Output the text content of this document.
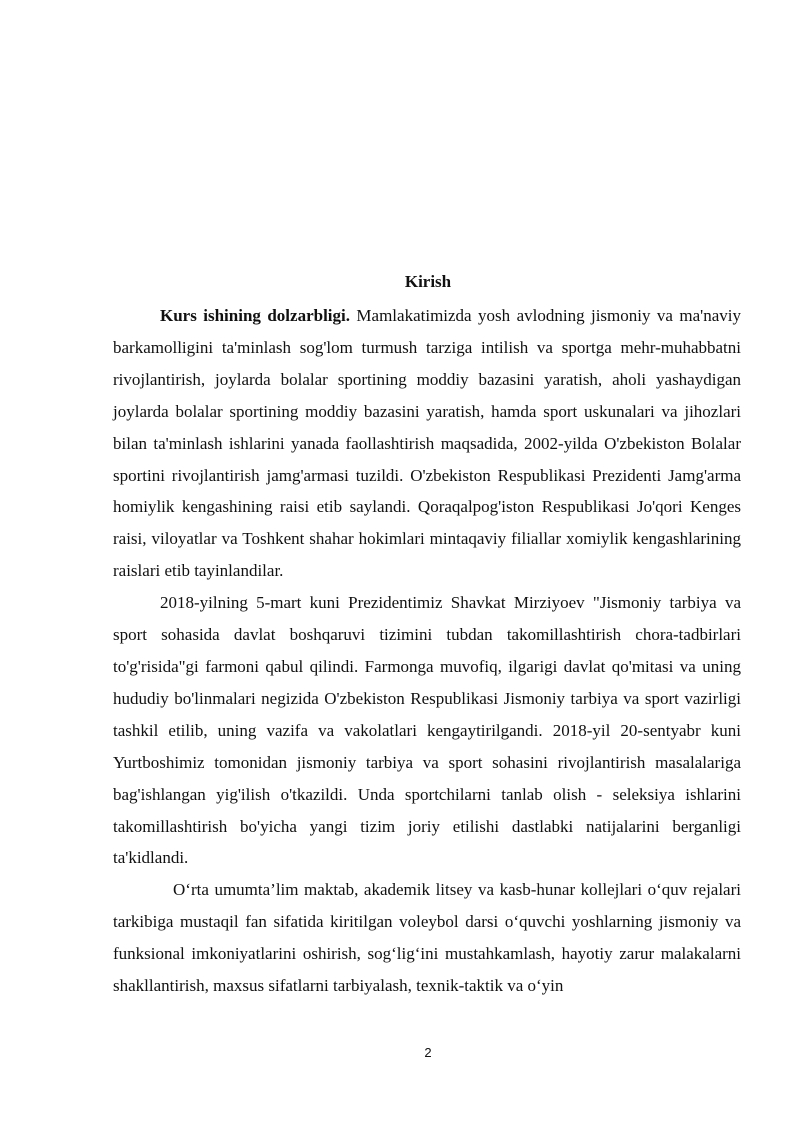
Kirish

Kurs ishining dolzarbligi. Mamlakatimizda yosh avlodning jismoniy va ma'naviy barkamolligini ta'minlash sog'lom turmush tarziga intilish va sportga mehr-muhabbatni rivojlantirish, joylarda bolalar sportining moddiy bazasini yaratish, aholi yashaydigan joylarda bolalar sportining moddiy bazasini yaratish, hamda sport uskunalari va jihozlari bilan ta'minlash ishlarini yanada faollashtirish maqsadida, 2002-yilda O'zbekiston Bolalar sportini rivojlantirish jamg'armasi tuzildi. O'zbekiston Respublikasi Prezidenti Jamg'arma homiylik kengashining raisi etib saylandi. Qoraqalpog'iston Respublikasi Jo'qori Kenges raisi, viloyatlar va Toshkent shahar hokimlari mintaqaviy filiallar xomiylik kengashlarining raislari etib tayinlandilar.

2018-yilning 5-mart kuni Prezidentimiz Shavkat Mirziyoev "Jismoniy tarbiya va sport sohasida davlat boshqaruvi tizimini tubdan takomillashtirish chora-tadbirlari to'g'risida"gi farmoni qabul qilindi. Farmonga muvofiq, ilgarigi davlat qo'mitasi va uning hududiy bo'linmalari negizida O'zbekiston Respublikasi Jismoniy tarbiya va sport vazirligi tashkil etilib, uning vazifa va vakolatlari kengaytirilgandi. 2018-yil 20-sentyabr kuni Yurtboshimiz tomonidan jismoniy tarbiya va sport sohasini rivojlantirish masalalariga bag'ishlangan yig'ilish o'tkazildi. Unda sportchilarni tanlab olish - seleksiya ishlarini takomillashtirish bo'yicha yangi tizim joriy etilishi dastlabki natijalarini berganligi ta'kidlandi.

O‘rta umumta’lim maktab, akademik litsey va kasb-hunar kollejlari o‘quv rejalari tarkibiga mustaqil fan sifatida kiritilgan voleybol darsi o‘quvchi yoshlarning jismoniy va funksional imkoniyatlarini oshirish, sog‘lig‘ini mustahkamlash, hayotiy zarur malakalarni shakllantirish, maxsus sifatlarni tarbiyalash, texnik-taktik va o‘yin

2
